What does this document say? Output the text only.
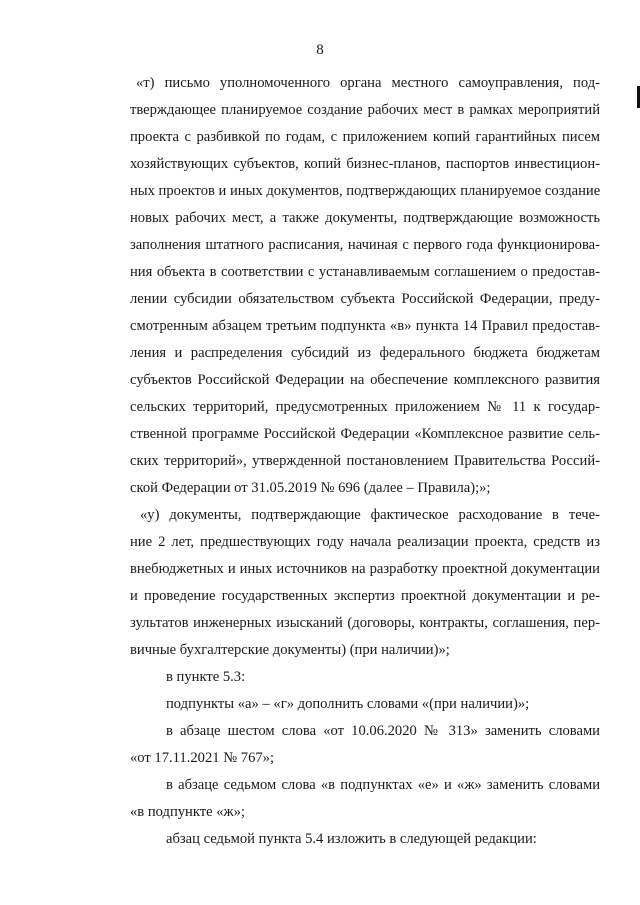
8
«т) письмо уполномоченного органа местного самоуправления, под-
тверждающее планируемое создание рабочих мест в рамках мероприятий
проекта с разбивкой по годам, с приложением копий гарантийных писем
хозяйствующих субъектов, копий бизнес-планов, паспортов инвестицион-
ных проектов и иных документов, подтверждающих планируемое создание
новых рабочих мест, а также документы, подтверждающие возможность
заполнения штатного расписания, начиная с первого года функционирова-
ния объекта в соответствии с устанавливаемым соглашением о предостав-
лении субсидии обязательством субъекта Российской Федерации, преду-
смотренным абзацем третьим подпункта «в» пункта 14 Правил предостав-
ления и распределения субсидий из федерального бюджета бюджетам
субъектов Российской Федерации на обеспечение комплексного развития
сельских территорий, предусмотренных приложением № 11 к государ-
ственной программе Российской Федерации «Комплексное развитие сель-
ских территорий», утвержденной постановлением Правительства Россий-
ской Федерации от 31.05.2019 № 696 (далее – Правила);»;
«у) документы, подтверждающие фактическое расходование в тече-
ние 2 лет, предшествующих году начала реализации проекта, средств из
внебюджетных и иных источников на разработку проектной документации
и проведение государственных экспертиз проектной документации и ре-
зультатов инженерных изысканий (договоры, контракты, соглашения, пер-
вичные бухгалтерские документы) (при наличии)»;
в пункте 5.3:
подпункты «а» – «г» дополнить словами «(при наличии)»;
в абзаце шестом слова «от 10.06.2020 № 313» заменить словами
«от 17.11.2021 № 767»;
в абзаце седьмом слова «в подпунктах «е» и «ж» заменить словами
«в подпункте «ж»;
абзац седьмой пункта 5.4 изложить в следующей редакции:
